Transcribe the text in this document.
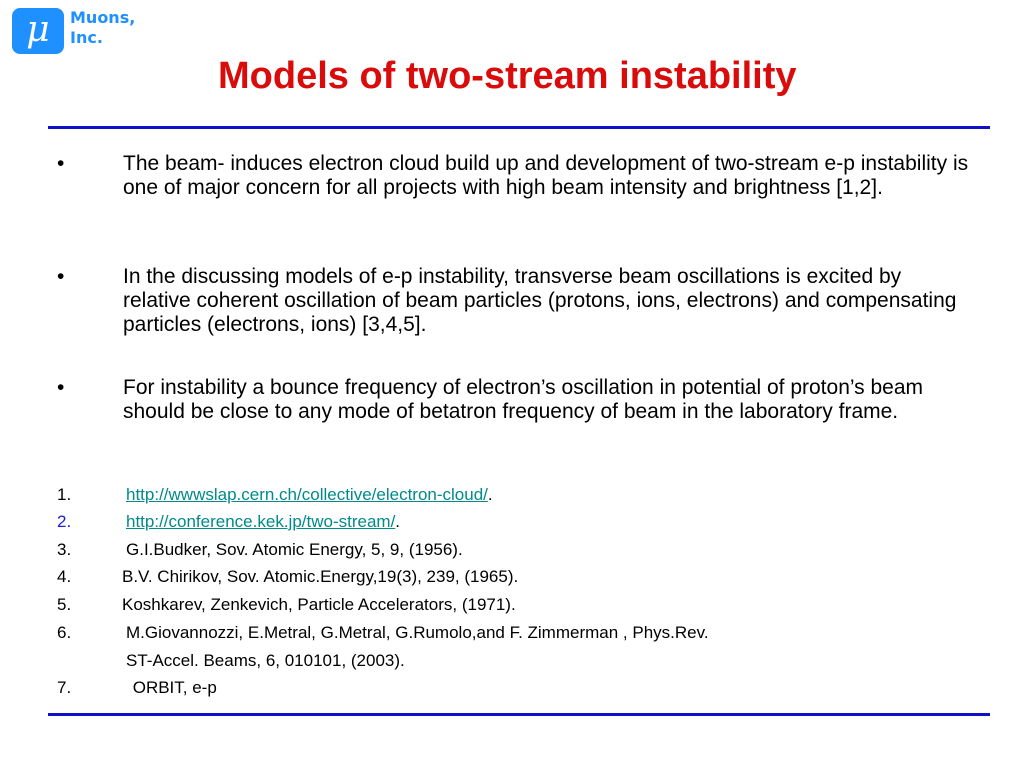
μ Muons,
Inc.
Models of two-stream instability
•	The beam- induces electron cloud build up and development of two-stream e-p instability is one of major concern for all projects with high beam intensity and brightness [1,2].
•	In the discussing models of e-p instability, transverse beam oscillations is excited by relative coherent oscillation of beam particles (protons, ions, electrons) and compensating particles (electrons, ions) [3,4,5].
•	For instability a bounce frequency of electron’s oscillation in potential of proton’s beam should be close to any mode of betatron frequency of beam in the laboratory frame.
1.	http://wwwslap.cern.ch/collective/electron-cloud/.
2.	http://conference.kek.jp/two-stream/.
3.	G.I.Budker, Sov. Atomic Energy, 5, 9, (1956).
4.	B.V. Chirikov, Sov. Atomic.Energy,19(3), 239, (1965).
5.	Koshkarev, Zenkevich, Particle Accelerators, (1971).
6.	M.Giovannozzi, E.Metral, G.Metral, G.Rumolo,and F. Zimmerman , Phys.Rev.
ST-Accel. Beams, 6, 010101, (2003).
7.	ORBIT, e-p
